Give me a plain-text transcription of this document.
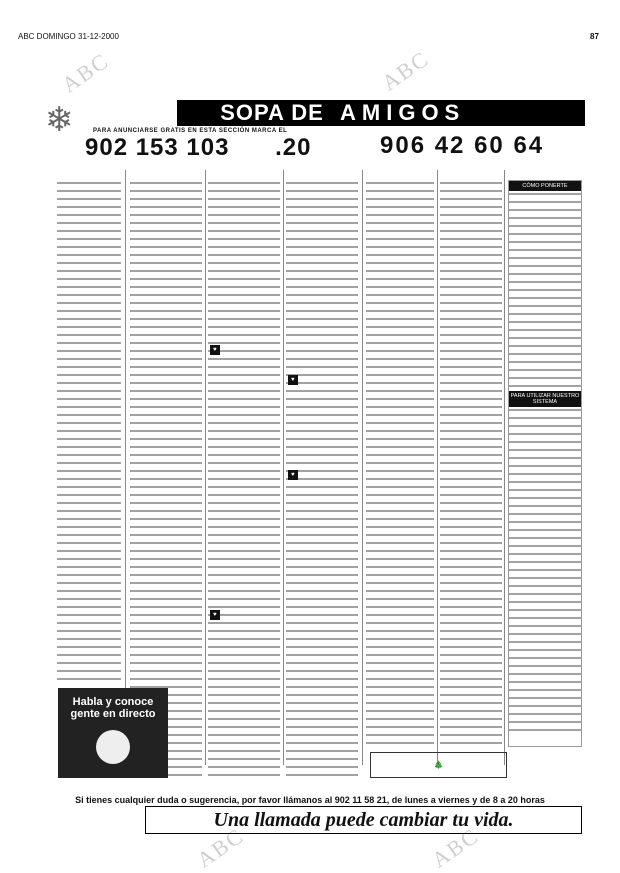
ABC DOMINGO 31-12-2000	87
ABC	ABC
ABC	ABC
❄	SOPA DE AMIGOS
PARA ANUNCIARSE GRATIS EN ESTA SECCIÓN MARCA EL
902 153 103 .20	906 42 60 64
♥
♥
♥
♥
CÓMO PONERTE
PARA UTILIZAR NUESTRO SISTEMA
Habla y conoce
gente en directo
🎄
Si tienes cualquier duda o sugerencia, por favor llámanos al 902 11 58 21, de lunes a viernes y de 8 a 20 horas
Una llamada puede cambiar tu vida.
